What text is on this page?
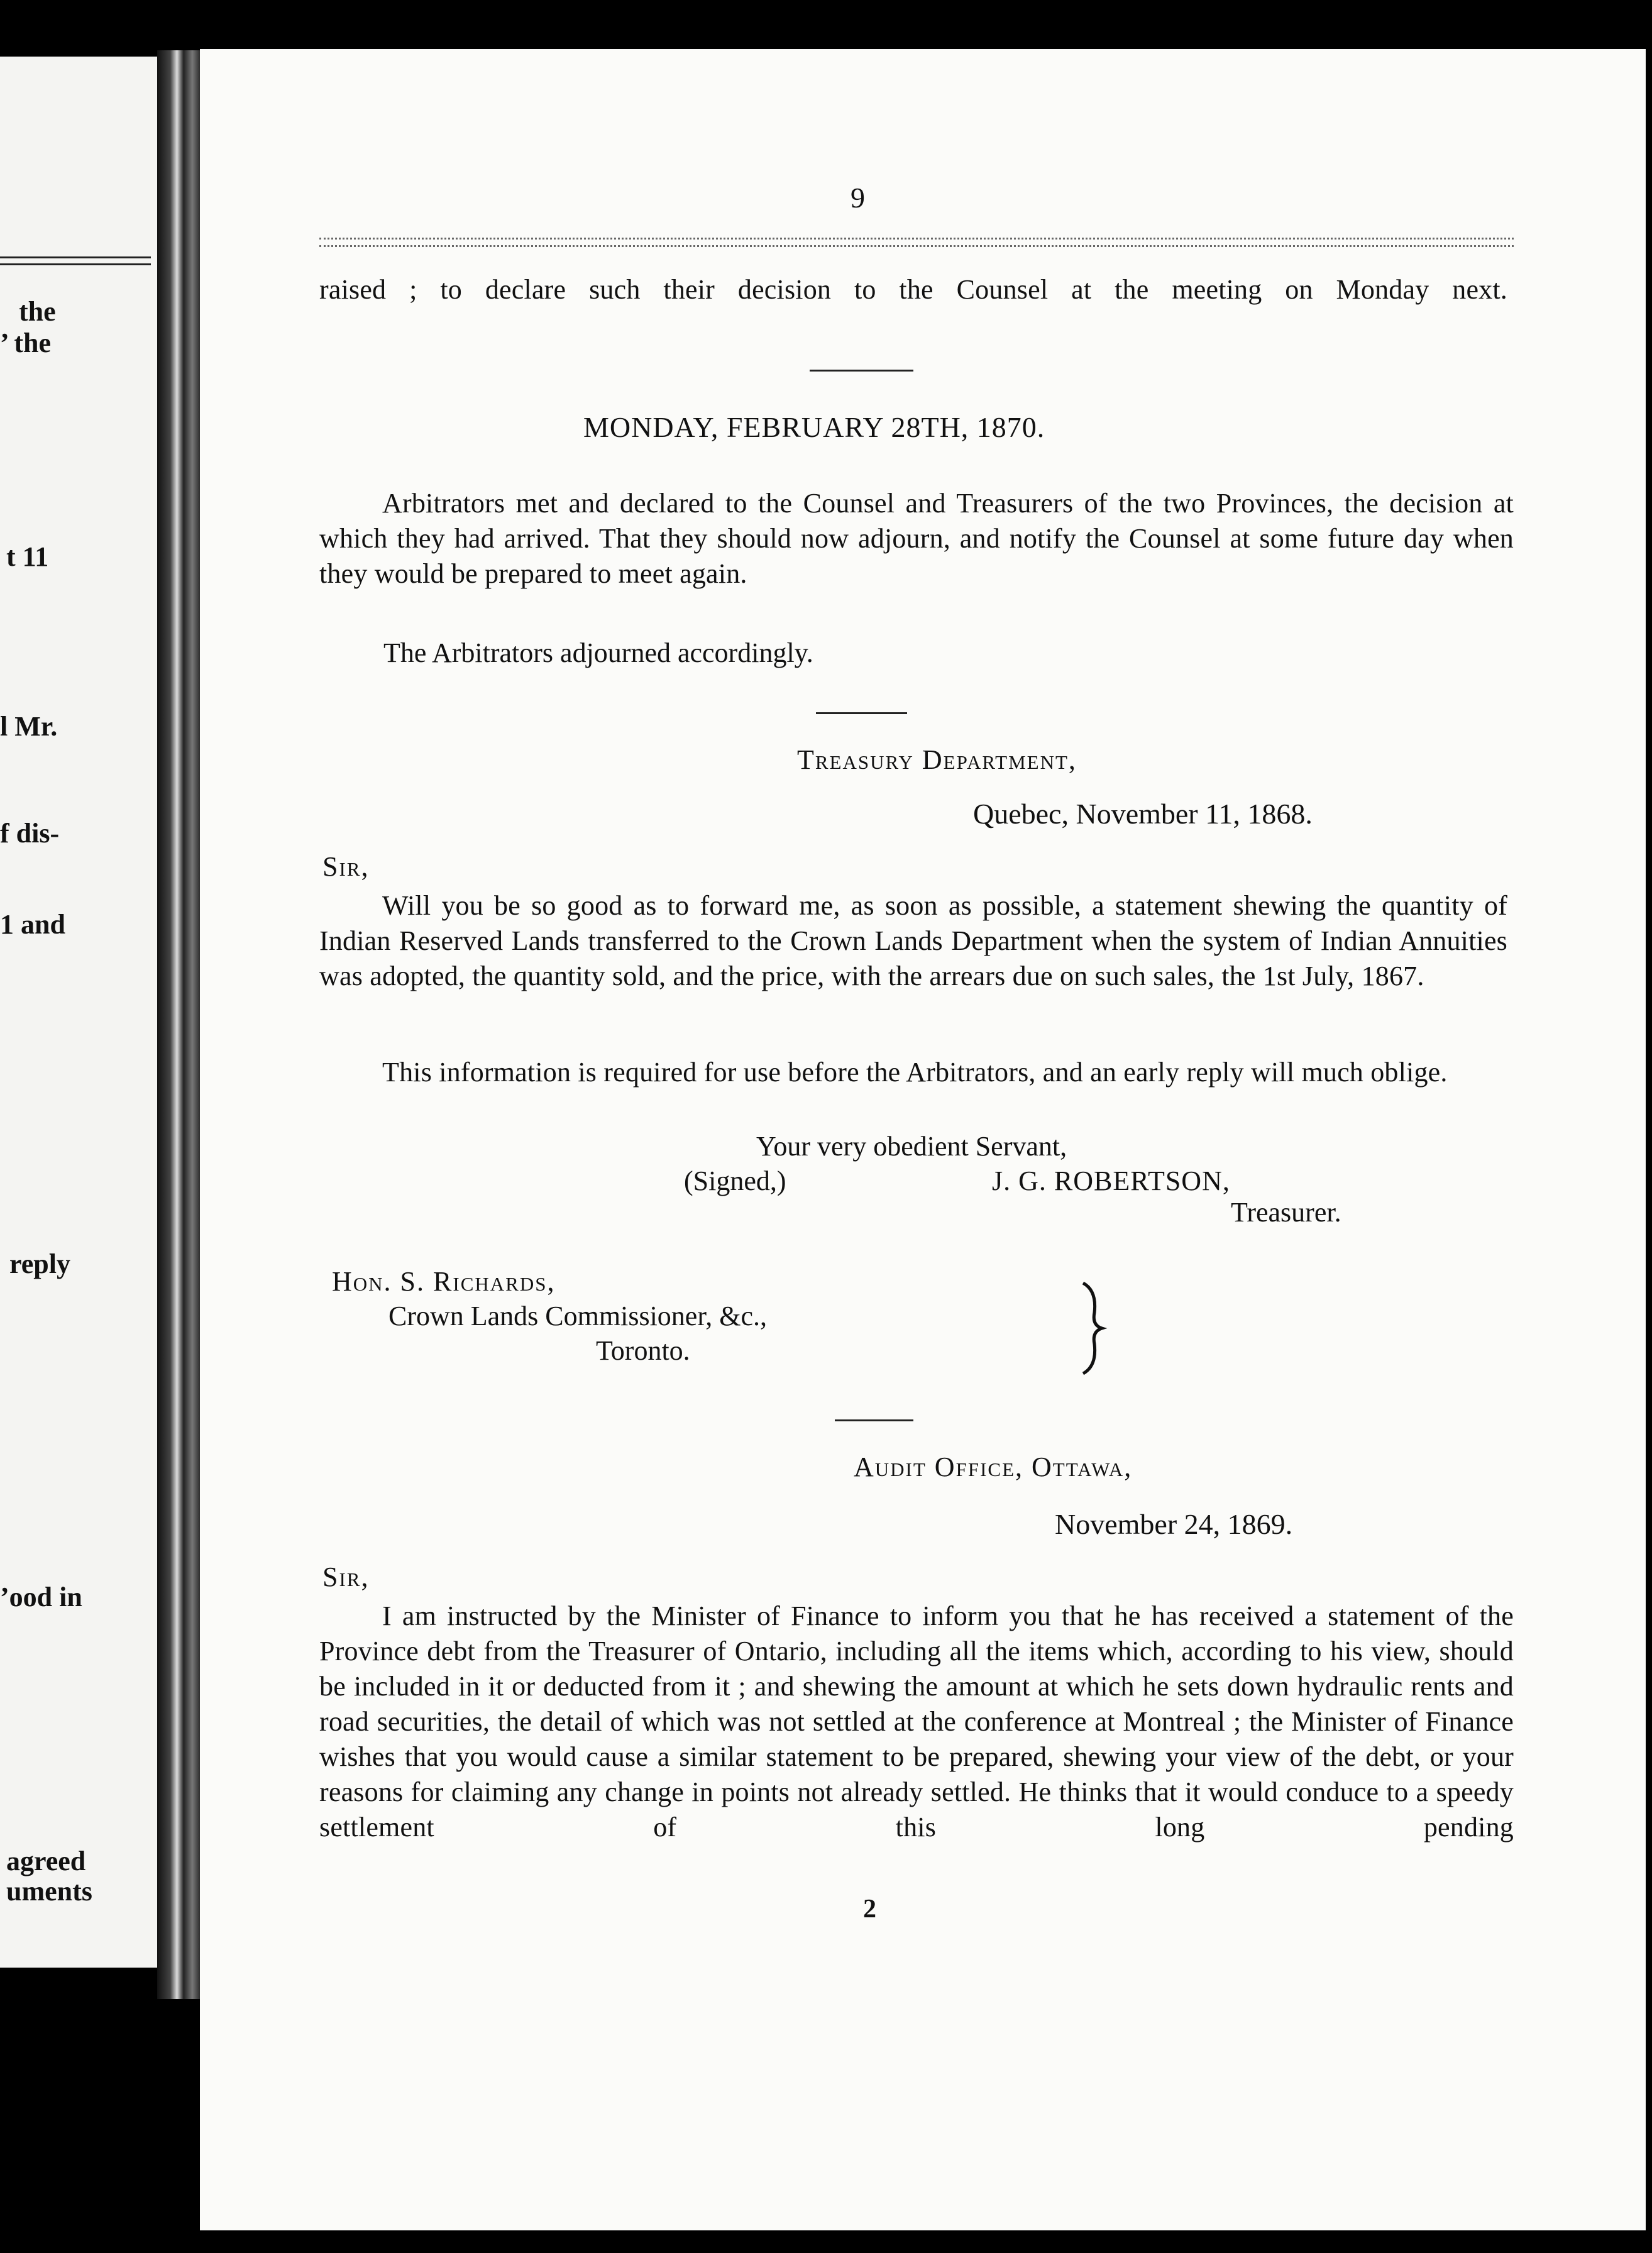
the
’ the
t 11
l Mr.
f dis-
1 and
reply
’ood in
agreed
uments
9
raised ; to declare such their decision to the Counsel at the meeting on Monday next.
MONDAY, FEBRUARY 28TH, 1870.
Arbitrators met and declared to the Counsel and Treasurers of the two Provinces, the decision at which they had arrived. That they should now adjourn, and notify the Counsel at some future day when they would be prepared to meet again.
The Arbitrators adjourned accordingly.
Treasury Department,
Quebec, November 11, 1868.
Sir,
Will you be so good as to forward me, as soon as possible, a statement shewing the quantity of Indian Reserved Lands transferred to the Crown Lands Department when the system of Indian Annuities was adopted, the quantity sold, and the price, with the arrears due on such sales, the 1st July, 1867.
This information is required for use before the Arbitrators, and an early reply will much oblige.
Your very obedient Servant,
(Signed,)	J. G. ROBERTSON,
Treasurer.
Hon. S. Richards,
Crown Lands Commissioner, &c.,
Toronto.
Audit Office, Ottawa,
November 24, 1869.
Sir,
I am instructed by the Minister of Finance to inform you that he has received a statement of the Province debt from the Treasurer of Ontario, including all the items which, according to his view, should be included in it or deducted from it ; and shewing the amount at which he sets down hydraulic rents and road securities, the detail of which was not settled at the conference at Montreal ; the Minister of Finance wishes that you would cause a similar statement to be prepared, shewing your view of the debt, or your reasons for claiming any change in points not already settled. He thinks that it would conduce to a speedy settlement of this long pending
2
